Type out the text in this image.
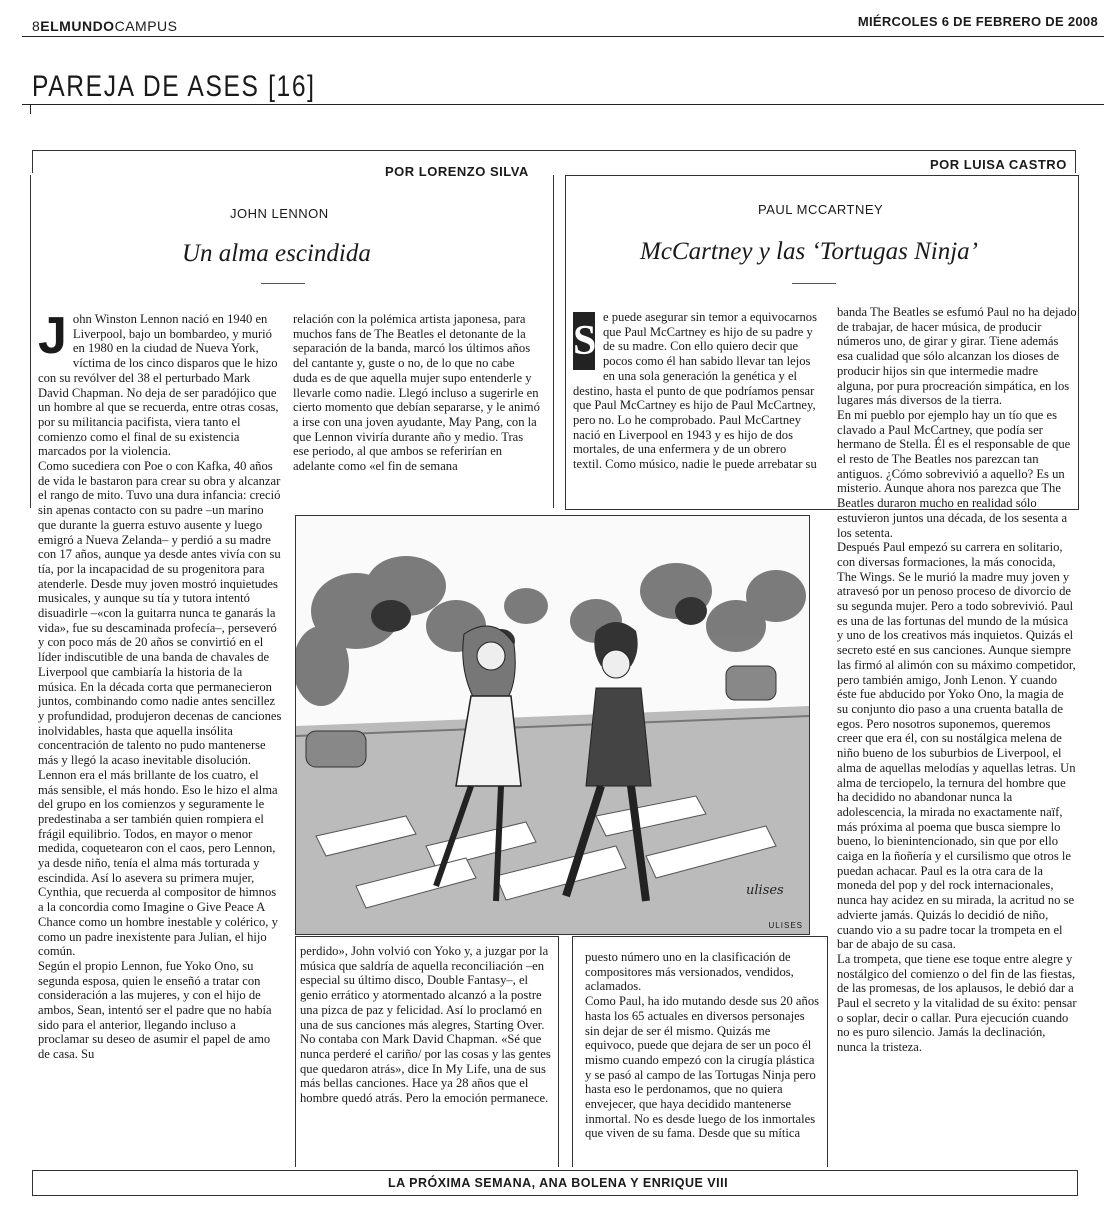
8ELMUNDOCAMPUS	MIÉRCOLES 6 DE FEBRERO DE 2008
PAREJA DE ASES [16]
POR LORENZO SILVA	POR LUISA CASTRO
JOHN LENNON
Un alma escindida
PAUL MCCARTNEY
McCartney y las ‘Tortugas Ninja’
J ohn Winston Lennon nació en 1940 en Liverpool, bajo un bombardeo, y murió en 1980 en la ciudad de Nueva York, víctima de los cinco disparos que le hizo con su revólver del 38 el perturbado Mark David Chapman. No deja de ser paradójico que un hombre al que se recuerda, entre otras cosas, por su militancia pacifista, viera tanto el comienzo como el final de su existencia marcados por la violencia.

Como sucediera con Poe o con Kafka, 40 años de vida le bastaron para crear su obra y alcanzar el rango de mito. Tuvo una dura infancia: creció sin apenas contacto con su padre –un marino que durante la guerra estuvo ausente y luego emigró a Nueva Zelanda– y perdió a su madre con 17 años, aunque ya desde antes vivía con su tía, por la incapacidad de su progenitora para atenderle. Desde muy joven mostró inquietudes musicales, y aunque su tía y tutora intentó disuadirle –«con la guitarra nunca te ganarás la vida», fue su descaminada profecía–, perseveró y con poco más de 20 años se convirtió en el líder indiscutible de una banda de chavales de Liverpool que cambiaría la historia de la música. En la década corta que permanecieron juntos, combinando como nadie antes sencillez y profundidad, produjeron decenas de canciones inolvidables, hasta que aquella insólita concentración de talento no pudo mantenerse más y llegó la acaso inevitable disolución.

Lennon era el más brillante de los cuatro, el más sensible, el más hondo. Eso le hizo el alma del grupo en los comienzos y seguramente le predestinaba a ser también quien rompiera el frágil equilibrio. Todos, en mayor o menor medida, coquetearon con el caos, pero Lennon, ya desde niño, tenía el alma más torturada y escindida. Así lo asevera su primera mujer, Cynthia, que recuerda al compositor de himnos a la concordia como Imagine o Give Peace A Chance como un hombre inestable y colérico, y como un padre inexistente para Julian, el hijo común.

Según el propio Lennon, fue Yoko Ono, su segunda esposa, quien le enseñó a tratar con consideración a las mujeres, y con el hijo de ambos, Sean, intentó ser el padre que no había sido para el anterior, llegando incluso a proclamar su deseo de asumir el papel de amo de casa. Su

relación con la polémica artista japonesa, para muchos fans de The Beatles el detonante de la separación de la banda, marcó los últimos años del cantante y, guste o no, de lo que no cabe duda es de que aquella mujer supo entenderle y llevarle como nadie. Llegó incluso a sugerirle en cierto momento que debían separarse, y le animó a irse con una joven ayudante, May Pang, con la que Lennon viviría durante año y medio. Tras ese periodo, al que ambos se referirían en adelante como «el fin de semana

ulises
ULISES

perdido», John volvió con Yoko y, a juzgar por la música que saldría de aquella reconciliación –en especial su último disco, Double Fantasy–, el genio errático y atormentado alcanzó a la postre una pizca de paz y felicidad. Así lo proclamó en una de sus canciones más alegres, Starting Over. No contaba con Mark David Chapman. «Sé que nunca perderé el cariño/ por las cosas y las gentes que quedaron atrás», dice In My Life, una de sus más bellas canciones. Hace ya 28 años que el hombre quedó atrás. Pero la emoción permanece.

S

e puede asegurar sin temor a equivocarnos que Paul McCartney es hijo de su padre y de su madre. Con ello quiero decir que pocos como él han sabido llevar tan lejos en una sola generación la genética y el destino, hasta el punto de que podríamos pensar que Paul McCartney es hijo de Paul McCartney, pero no. Lo he comprobado. Paul McCartney nació en Liverpool en 1943 y es hijo de dos mortales, de una enfermera y de un obrero textil. Como músico, nadie le puede arrebatar su

puesto número uno en la clasificación de compositores más versionados, vendidos, aclamados.

Como Paul, ha ido mutando desde sus 20 años hasta los 65 actuales en diversos personajes sin dejar de ser él mismo. Quizás me equivoco, puede que dejara de ser un poco él mismo cuando empezó con la cirugía plástica y se pasó al campo de las Tortugas Ninja pero hasta eso le perdonamos, que no quiera envejecer, que haya decidido mantenerse inmortal. No es desde luego de los inmortales que viven de su fama. Desde que su mítica

banda The Beatles se esfumó Paul no ha dejado de trabajar, de hacer música, de producir números uno, de girar y girar. Tiene además esa cualidad que sólo alcanzan los dioses de producir hijos sin que intermedie madre alguna, por pura procreación simpática, en los lugares más diversos de la tierra.

En mi pueblo por ejemplo hay un tío que es clavado a Paul McCartney, que podía ser hermano de Stella. Él es el responsable de que el resto de The Beatles nos parezcan tan antiguos. ¿Cómo sobrevivió a aquello? Es un misterio. Aunque ahora nos parezca que The Beatles duraron mucho en realidad sólo estuvieron juntos una década, de los sesenta a los setenta.

Después Paul empezó su carrera en solitario, con diversas formaciones, la más conocida, The Wings. Se le murió la madre muy joven y atravesó por un penoso proceso de divorcio de su segunda mujer. Pero a todo sobrevivió. Paul es una de las fortunas del mundo de la música y uno de los creativos más inquietos. Quizás el secreto esté en sus canciones. Aunque siempre las firmó al alimón con su máximo competidor, pero también amigo, Jonh Lenon. Y cuando éste fue abducido por Yoko Ono, la magia de su conjunto dio paso a una cruenta batalla de egos. Pero nosotros suponemos, queremos creer que era él, con su nostálgica melena de niño bueno de los suburbios de Liverpool, el alma de aquellas melodías y aquellas letras. Un alma de terciopelo, la ternura del hombre que ha decidido no abandonar nunca la adolescencia, la mirada no exactamente naïf, más próxima al poema que busca siempre lo bueno, lo bienintencionado, sin que por ello caiga en la ñoñería y el cursilismo que otros le puedan achacar. Paul es la otra cara de la moneda del pop y del rock internacionales, nunca hay acidez en su mirada, la acritud no se advierte jamás. Quizás lo decidió de niño, cuando vio a su padre tocar la trompeta en el bar de abajo de su casa.

La trompeta, que tiene ese toque entre alegre y nostálgico del comienzo o del fin de las fiestas, de las promesas, de los aplausos, le debió dar a Paul el secreto y la vitalidad de su éxito: pensar o soplar, decir o callar. Pura ejecución cuando no es puro silencio. Jamás la declinación, nunca la tristeza.

LA PRÓXIMA SEMANA, ANA BOLENA Y ENRIQUE VIII
